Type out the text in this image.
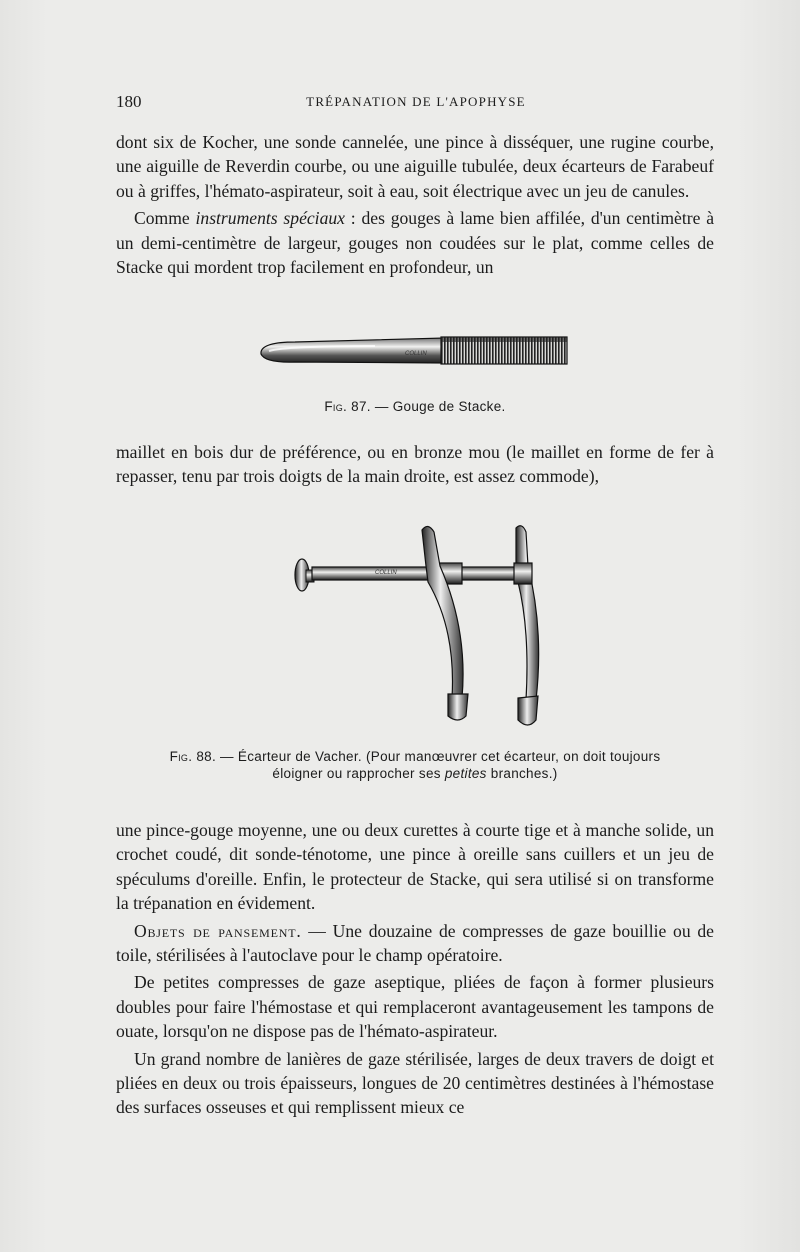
180	TRÉPANATION DE L'APOPHYSE

dont six de Kocher, une sonde cannelée, une pince à disséquer, une rugine courbe, une aiguille de Reverdin courbe, ou une aiguille tubulée, deux écarteurs de Farabeuf ou à griffes, l'hémato-aspirateur, soit à eau, soit électrique avec un jeu de canules.

Comme instruments spéciaux : des gouges à lame bien affilée, d'un centimètre à un demi-centimètre de largeur, gouges non coudées sur le plat, comme celles de Stacke qui mordent trop facilement en profondeur, un

COLLIN
Fig. 87. — Gouge de Stacke.

maillet en bois dur de préférence, ou en bronze mou (le maillet en forme de fer à repasser, tenu par trois doigts de la main droite, est assez commode),

COLLIN
Fig. 88. — Écarteur de Vacher. (Pour manœuvrer cet écarteur, on doit toujours
éloigner ou rapprocher ses petites branches.)

une pince-gouge moyenne, une ou deux curettes à courte tige et à manche solide, un crochet coudé, dit sonde-ténotome, une pince à oreille sans cuillers et un jeu de spéculums d'oreille. Enfin, le protecteur de Stacke, qui sera utilisé si on transforme la trépanation en évidement.

Objets de pansement. — Une douzaine de compresses de gaze bouillie ou de toile, stérilisées à l'autoclave pour le champ opératoire.

De petites compresses de gaze aseptique, pliées de façon à former plusieurs doubles pour faire l'hémostase et qui remplaceront avantageusement les tampons de ouate, lorsqu'on ne dispose pas de l'hémato-aspirateur.

Un grand nombre de lanières de gaze stérilisée, larges de deux travers de doigt et pliées en deux ou trois épaisseurs, longues de 20 centimètres destinées à l'hémostase des surfaces osseuses et qui remplissent mieux ce
